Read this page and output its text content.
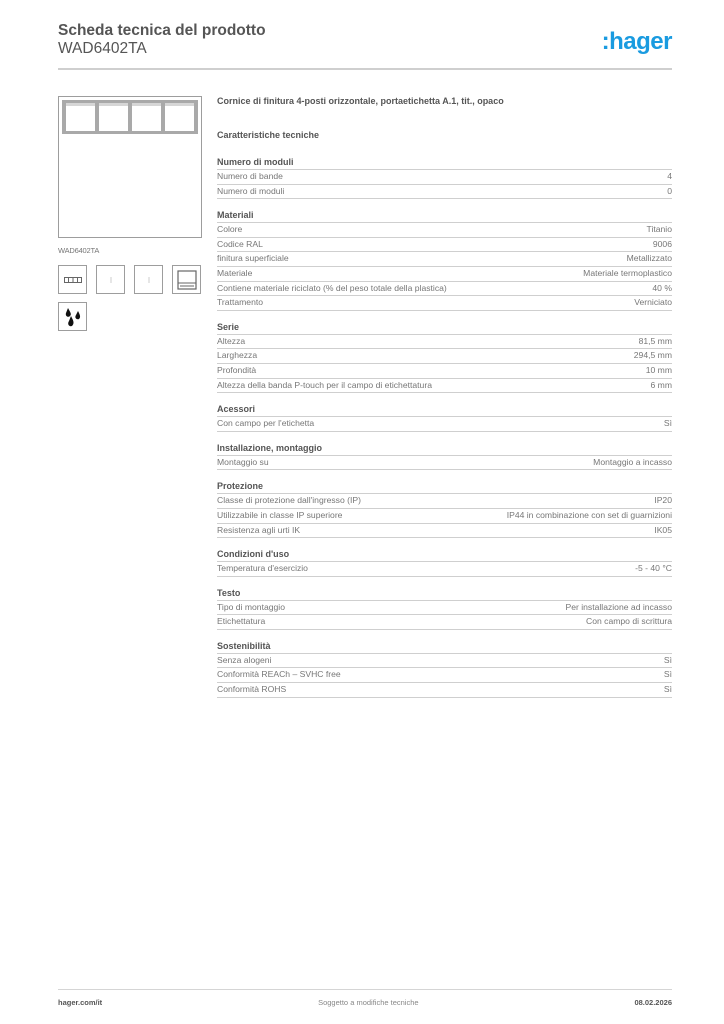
Scheda tecnica del prodotto
WAD6402TA	:hager
WAD6402TA
Cornice di finitura 4-posti orizzontale, portaetichetta A.1, tit., opaco
Caratteristiche tecniche
Numero di moduli
Numero di bande	4
Numero di moduli	0
Materiali
Colore	Titanio
Codice RAL	9006
finitura superficiale	Metallizzato
Materiale	Materiale termoplastico
Contiene materiale riciclato (% del peso totale della plastica)	40 %
Trattamento	Verniciato
Serie
Altezza	81,5 mm
Larghezza	294,5 mm
Profondità	10 mm
Altezza della banda P-touch per il campo di etichettatura	6 mm
Acessori
Con campo per l'etichetta	Sì
Installazione, montaggio
Montaggio su	Montaggio a incasso
Protezione
Classe di protezione dall'ingresso (IP)	IP20
Utilizzabile in classe IP superiore	IP44 in combinazione con set di guarnizioni
Resistenza agli urti IK	IK05
Condizioni d'uso
Temperatura d'esercizio	-5 - 40 °C
Testo
Tipo di montaggio	Per installazione ad incasso
Etichettatura	Con campo di scrittura
Sostenibilità
Senza alogeni	Sì
Conformità REACh – SVHC free	Sì
Conformità ROHS	Sì
hager.com/it	Soggetto a modifiche tecniche	08.02.2026
